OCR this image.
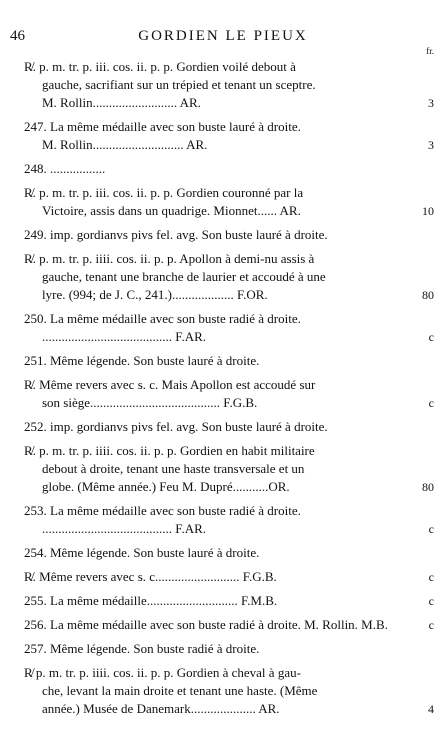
46	GORDIEN LE PIEUX
fr.
R̸. p. m. tr. p. iii. cos. ii. p. p. Gordien voilé debout à
gauche, sacrifiant sur un trépied et tenant un sceptre.
M. Rollin.......................... AR.	3
247. La même médaille avec son buste lauré à droite.
M. Rollin............................ AR.	3
248. .................
R̸. p. m. tr. p. iii. cos. ii. p. p. Gordien couronné par la
Victoire, assis dans un quadrige. Mionnet...... AR.	10
249. imp. gordianvs pivs fel. avg. Son buste lauré à droite.
R̸. p. m. tr. p. iiii. cos. ii. p. p. Apollon à demi-nu assis à
gauche, tenant une branche de laurier et accoudé à une
lyre. (994; de J. C., 241.)................... F.OR.	80
250. La même médaille avec son buste radié à droite.
........................................ F.AR.	c
251. Même légende. Son buste lauré à droite.
R̸. Même revers avec s. c. Mais Apollon est accoudé sur
son siège........................................ F.G.B.	c
252. imp. gordianvs pivs fel. avg. Son buste lauré à droite.
R̸. p. m. tr. p. iiii. cos. ii. p. p. Gordien en habit militaire
debout à droite, tenant une haste transversale et un
globe. (Même année.) Feu M. Dupré...........OR.	80
253. La même médaille avec son buste radié à droite.
........................................ F.AR.	c
254. Même légende. Son buste lauré à droite.
R̸. Même revers avec s. c.......................... F.G.B.	c
255. La même médaille............................ F.M.B.	c
256. La même médaille avec son buste radié à droite. M. Rollin. M.B.	c
257. Même légende. Son buste radié à droite.
R̸ p. m. tr. p. iiii. cos. ii. p. p. Gordien à cheval à gau-
che, levant la main droite et tenant une haste. (Même
année.) Musée de Danemark.................... AR.	4
